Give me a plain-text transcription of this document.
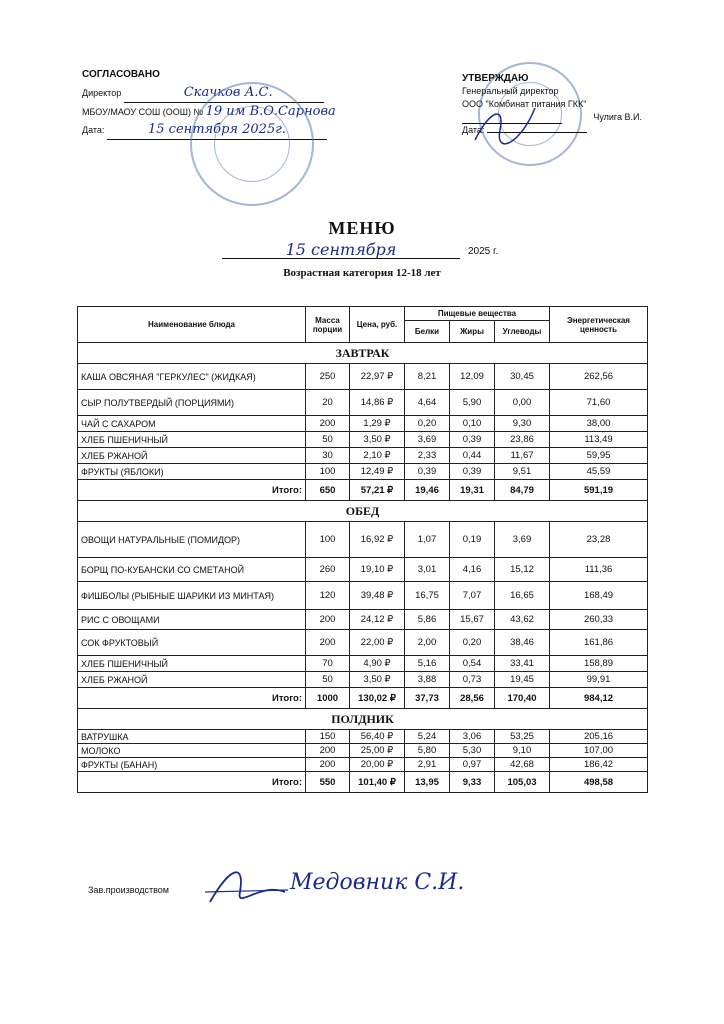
СОГЛАСОВАНО
Директор	Скачков А.С.
МБОУ/МАОУ СОШ (ООШ) № 19 им В.О.Сарнова
Дата:	15 сентября 2025г.
УТВЕРЖДАЮ
Генеральный директор
ООО "Комбинат питания ГКК"
Чулига В.И.
Дата:
МЕНЮ
15 сентября	2025 г.
Возрастная категория 12-18 лет
Наименование блюда	Масса порции	Цена, руб.	Пищевые вещества			Энергетическая ценность
			Белки	Жиры	Углеводы	
ЗАВТРАК						
КАША ОВСЯНАЯ "ГЕРКУЛЕС" (ЖИДКАЯ)	250	22,97 ₽	8,21	12,09	30,45	262,56
СЫР ПОЛУТВЕРДЫЙ (ПОРЦИЯМИ)	20	14,86 ₽	4,64	5,90	0,00	71,60
ЧАЙ С САХАРОМ	200	1,29 ₽	0,20	0,10	9,30	38,00
ХЛЕБ ПШЕНИЧНЫЙ	50	3,50 ₽	3,69	0,39	23,86	113,49
ХЛЕБ РЖАНОЙ	30	2,10 ₽	2,33	0,44	11,67	59,95
ФРУКТЫ (ЯБЛОКИ)	100	12,49 ₽	0,39	0,39	9,51	45,59
Итого:	650	57,21 ₽	19,46	19,31	84,79	591,19
ОБЕД						
ОВОЩИ НАТУРАЛЬНЫЕ (ПОМИДОР)	100	16,92 ₽	1,07	0,19	3,69	23,28
БОРЩ ПО-КУБАНСКИ СО СМЕТАНОЙ	260	19,10 ₽	3,01	4,16	15,12	111,36
ФИШБОЛЫ (РЫБНЫЕ ШАРИКИ ИЗ МИНТАЯ)	120	39,48 ₽	16,75	7,07	16,65	168,49
РИС С ОВОЩАМИ	200	24,12 ₽	5,86	15,67	43,62	260,33
СОК ФРУКТОВЫЙ	200	22,00 ₽	2,00	0,20	38,46	161,86
ХЛЕБ ПШЕНИЧНЫЙ	70	4,90 ₽	5,16	0,54	33,41	158,89
ХЛЕБ РЖАНОЙ	50	3,50 ₽	3,88	0,73	19,45	99,91
Итого:	1000	130,02 ₽	37,73	28,56	170,40	984,12
ПОЛДНИК						
ВАТРУШКА	150	56,40 ₽	5,24	3,06	53,25	205,16
МОЛОКО	200	25,00 ₽	5,80	5,30	9,10	107,00
ФРУКТЫ (БАНАН)	200	20,00 ₽	2,91	0,97	42,68	186,42
Итого:	550	101,40 ₽	13,95	9,33	105,03	498,58
Зав.производством	Медовник С.И.
